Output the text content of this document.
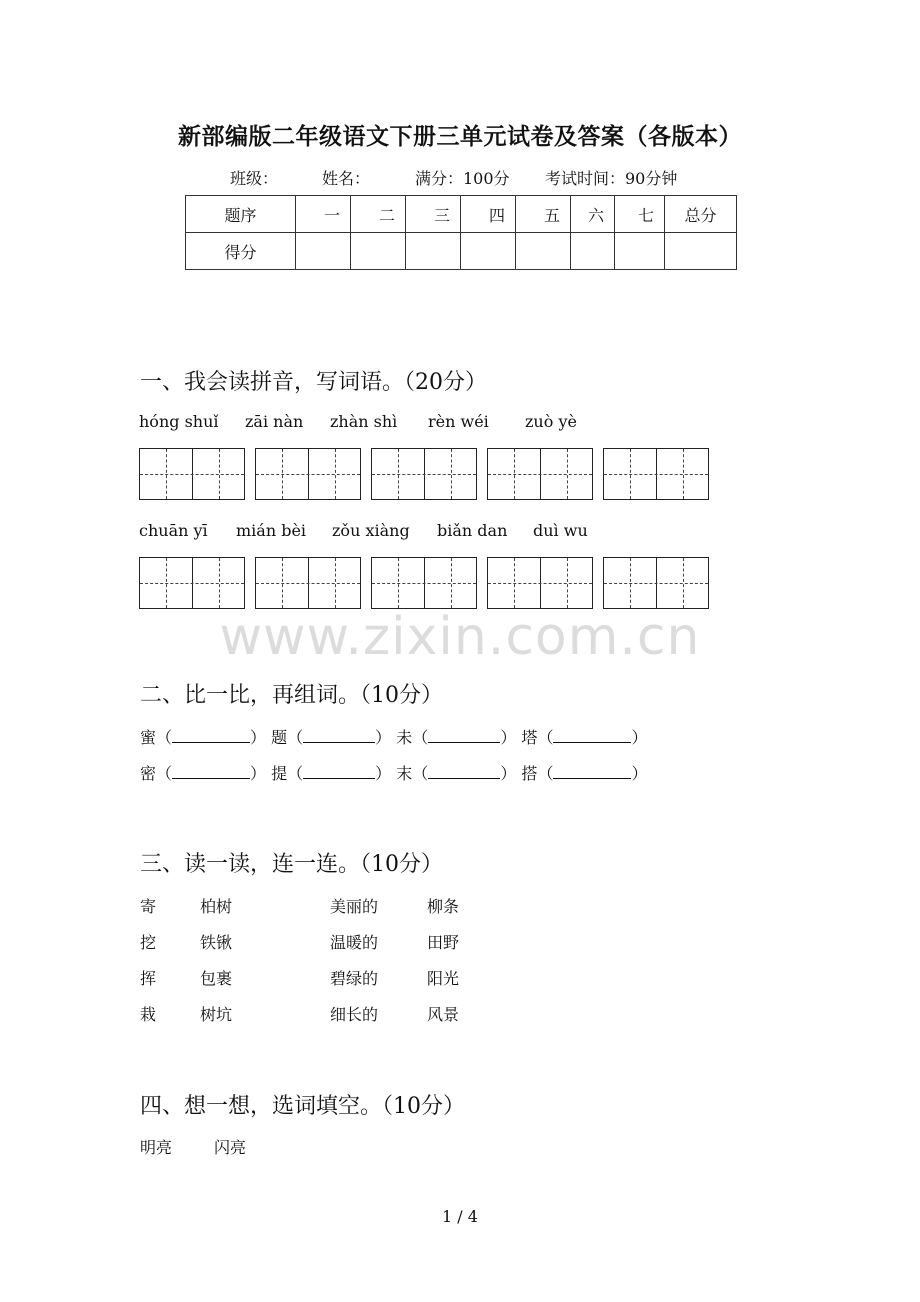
新部编版二年级语文下册三单元试卷及答案（各版本）
班级：	姓名：	满分：100分 考试时间：90分钟
题序	一	二	三	四	五	六	七	总分
得分								
一、我会读拼音，写词语。（20分）
hóng shuǐ zāi nàn zhàn shì rèn wéi zuò yè
chuān yī mián bèi zǒu xiàng biǎn dan duì wu
www.zixin.com.cn
二、比一比，再组词。（10分）
蜜（	） 题（	） 未（	） 塔（	）
密（	） 提（	） 末（	） 搭（	）
三、读一读，连一连。（10分）
寄	柏树	美丽的	柳条
挖	铁锹	温暖的	田野
挥	包裹	碧绿的	阳光
栽	树坑	细长的	风景
四、想一想，选词填空。（10分）
明亮	闪亮
1 / 4
